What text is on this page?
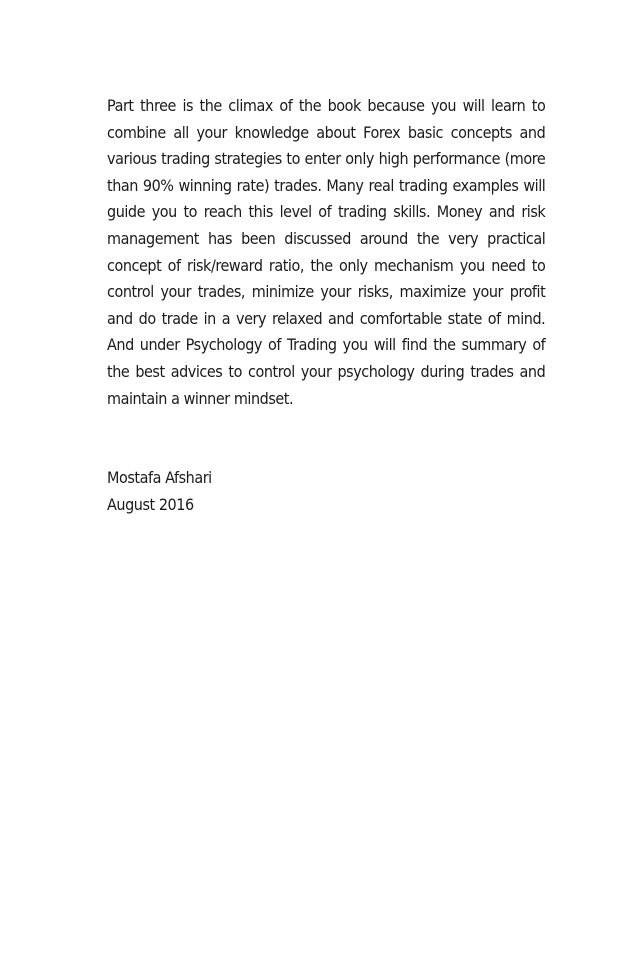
Part three is the climax of the book because you will learn to combine all your knowledge about Forex basic concepts and various trading strategies to enter only high performance (more than 90% winning rate) trades. Many real trading examples will guide you to reach this level of trading skills. Money and risk management has been discussed around the very practical concept of risk/reward ratio, the only mechanism you need to control your trades, minimize your risks, maximize your profit and do trade in a very relaxed and comfortable state of mind. And under Psychology of Trading you will find the summary of the best advices to control your psychology during trades and maintain a winner mindset.

Mostafa Afshari
August 2016
